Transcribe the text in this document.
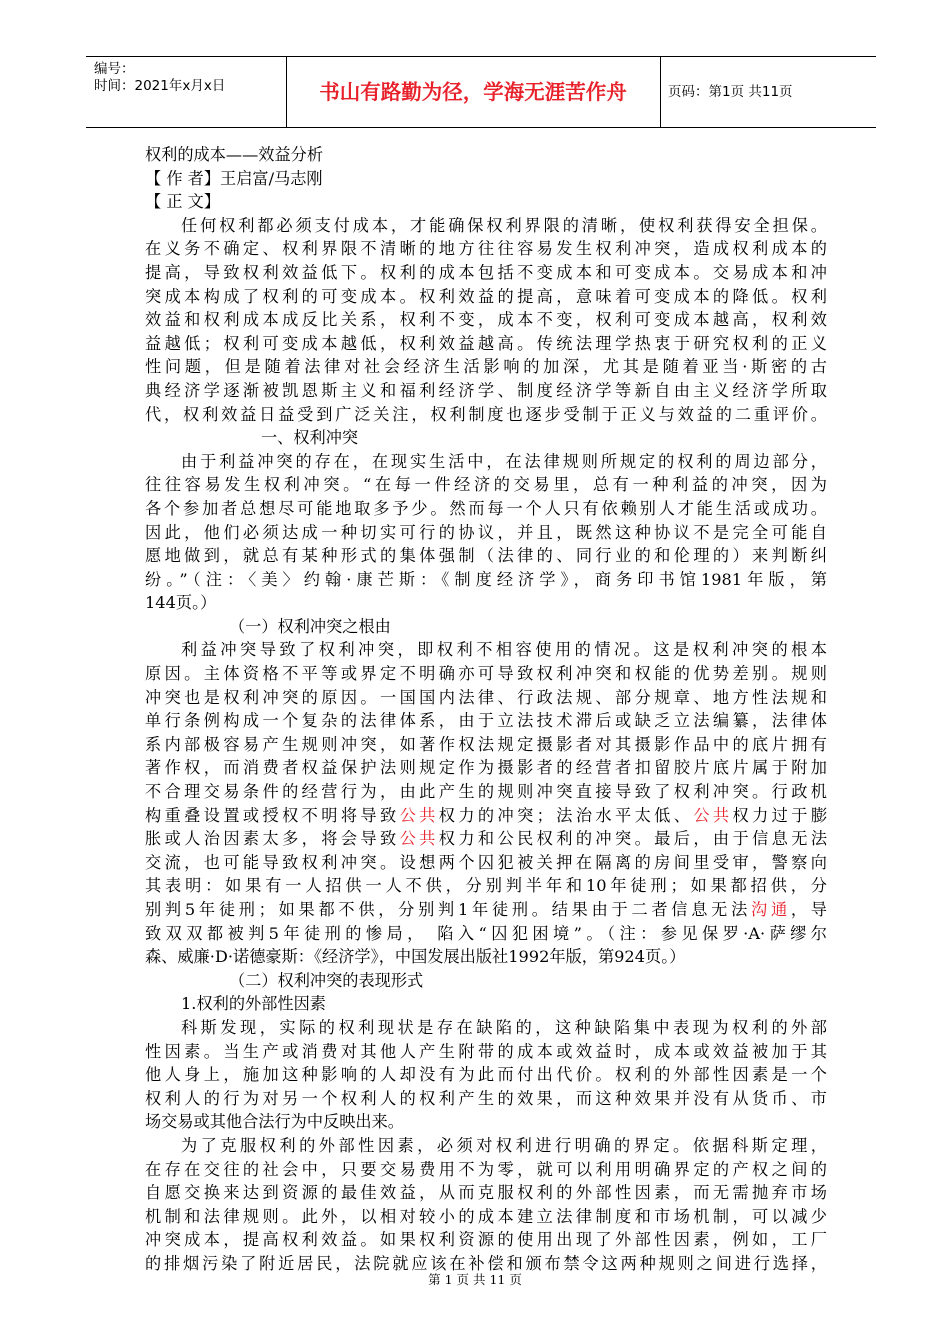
编号：
时间：2021年x月x日	书山有路勤为径，学海无涯苦作舟	页码：第1页 共11页
权利的成本——效益分析
【 作 者】王启富/马志刚
【 正 文】
任何权利都必须支付成本，才能确保权利界限的清晰，使权利获得安全担保。
在义务不确定、权利界限不清晰的地方往往容易发生权利冲突，造成权利成本的
提高，导致权利效益低下。权利的成本包括不变成本和可变成本。交易成本和冲
突成本构成了权利的可变成本。权利效益的提高，意味着可变成本的降低。权利
效益和权利成本成反比关系，权利不变，成本不变，权利可变成本越高，权利效
益越低；权利可变成本越低，权利效益越高。传统法理学热衷于研究权利的正义
性问题，但是随着法律对社会经济生活影响的加深，尤其是随着亚当·斯密的古
典经济学逐渐被凯恩斯主义和福利经济学、制度经济学等新自由主义经济学所取
代，权利效益日益受到广泛关注，权利制度也逐步受制于正义与效益的二重评价。
一、权利冲突
由于利益冲突的存在，在现实生活中，在法律规则所规定的权利的周边部分，
往往容易发生权利冲突。“在每一件经济的交易里，总有一种利益的冲突，因为
各个参加者总想尽可能地取多予少。然而每一个人只有依赖别人才能生活或成功。
因此，他们必须达成一种切实可行的协议，并且，既然这种协议不是完全可能自
愿地做到，就总有某种形式的集体强制（法律的、同行业的和伦理的）来判断纠
纷。”（注：〈美〉约翰·康芒斯：《制度经济学》，商务印书馆1981年版，第
144页。）
（一）权利冲突之根由
利益冲突导致了权利冲突，即权利不相容使用的情况。这是权利冲突的根本
原因。主体资格不平等或界定不明确亦可导致权利冲突和权能的优势差别。规则
冲突也是权利冲突的原因。一国国内法律、行政法规、部分规章、地方性法规和
单行条例构成一个复杂的法律体系，由于立法技术滞后或缺乏立法编纂，法律体
系内部极容易产生规则冲突，如著作权法规定摄影者对其摄影作品中的底片拥有
著作权，而消费者权益保护法则规定作为摄影者的经营者扣留胶片底片属于附加
不合理交易条件的经营行为，由此产生的规则冲突直接导致了权利冲突。行政机
构重叠设置或授权不明将导致公共权力的冲突；法治水平太低、公共权力过于膨
胀或人治因素太多，将会导致公共权力和公民权利的冲突。最后，由于信息无法
交流，也可能导致权利冲突。设想两个囚犯被关押在隔离的房间里受审，警察向
其表明：如果有一人招供一人不供，分别判半年和10年徒刑；如果都招供，分
别判5年徒刑；如果都不供，分别判1年徒刑。结果由于二者信息无法沟通，导
致双双都被判5年徒刑的惨局， 陷入“囚犯困境”。（注：参见保罗·A·萨缪尔
森、威廉·D·诺德豪斯：《经济学》，中国发展出版社1992年版，第924页。）
（二）权利冲突的表现形式
1.权利的外部性因素
科斯发现，实际的权利现状是存在缺陷的，这种缺陷集中表现为权利的外部
性因素。当生产或消费对其他人产生附带的成本或效益时，成本或效益被加于其
他人身上，施加这种影响的人却没有为此而付出代价。权利的外部性因素是一个
权利人的行为对另一个权利人的权利产生的效果，而这种效果并没有从货币、市
场交易或其他合法行为中反映出来。
为了克服权利的外部性因素，必须对权利进行明确的界定。依据科斯定理，
在存在交往的社会中，只要交易费用不为零，就可以利用明确界定的产权之间的
自愿交换来达到资源的最佳效益，从而克服权利的外部性因素，而无需抛弃市场
机制和法律规则。此外，以相对较小的成本建立法律制度和市场机制，可以减少
冲突成本，提高权利效益。如果权利资源的使用出现了外部性因素，例如，工厂
的排烟污染了附近居民，法院就应该在补偿和颁布禁令这两种规则之间进行选择，
第 1 页 共 11 页
